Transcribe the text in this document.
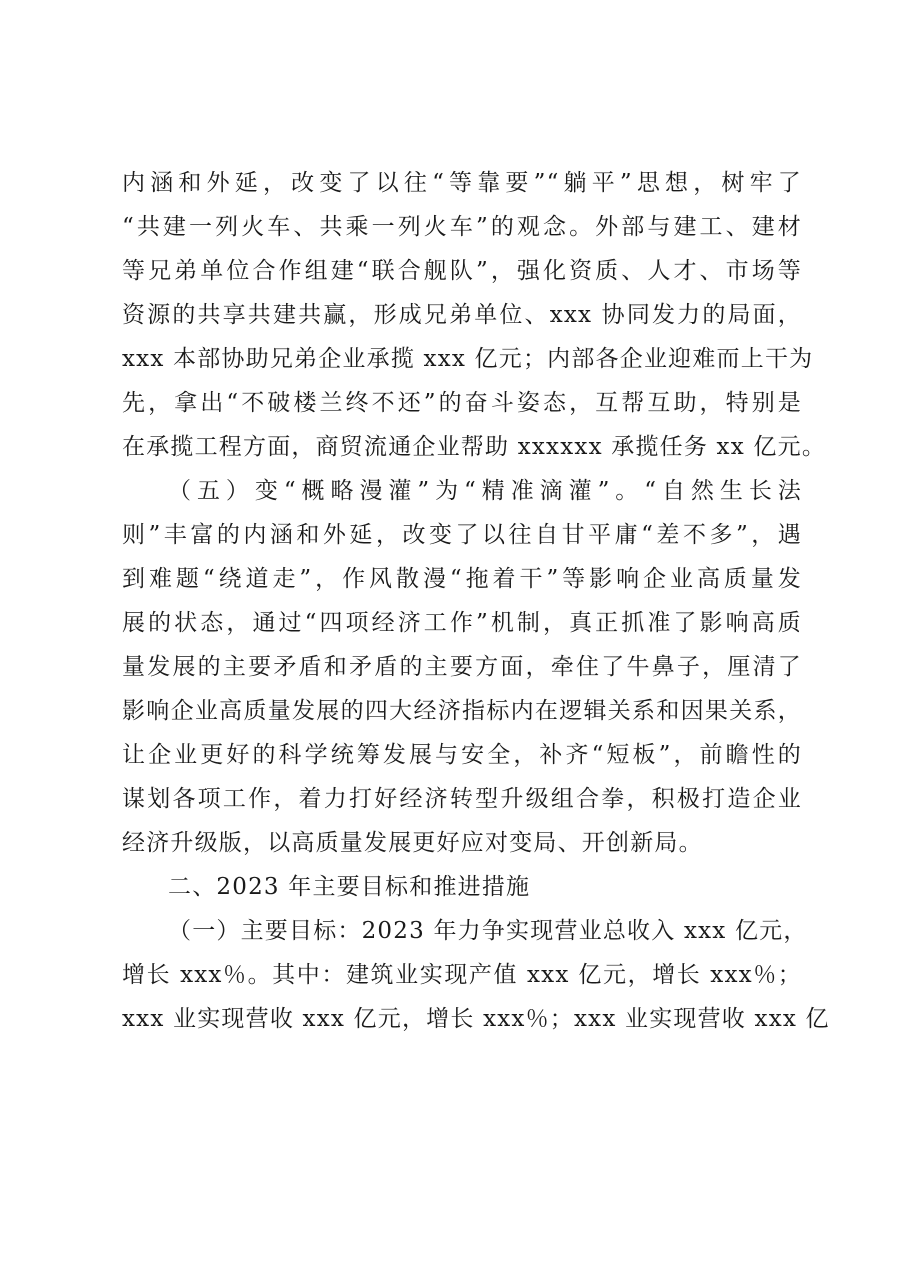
内涵和外延，改变了以往“等靠要”“躺平”思想，树牢了
“共建一列火车、共乘一列火车”的观念。外部与建工、建材
等兄弟单位合作组建“联合舰队”，强化资质、人才、市场等
资源的共享共建共赢，形成兄弟单位、xxx 协同发力的局面，
xxx 本部协助兄弟企业承揽 xxx 亿元；内部各企业迎难而上干为
先，拿出“不破楼兰终不还”的奋斗姿态，互帮互助，特别是
在承揽工程方面，商贸流通企业帮助 xxxxxx 承揽任务 xx 亿元。
（五）变“概略漫灌”为“精准滴灌”。“自然生长法
则”丰富的内涵和外延，改变了以往自甘平庸“差不多”，遇
到难题“绕道走”，作风散漫“拖着干”等影响企业高质量发
展的状态，通过“四项经济工作”机制，真正抓准了影响高质
量发展的主要矛盾和矛盾的主要方面，牵住了牛鼻子，厘清了
影响企业高质量发展的四大经济指标内在逻辑关系和因果关系，
让企业更好的科学统筹发展与安全，补齐“短板”，前瞻性的
谋划各项工作，着力打好经济转型升级组合拳，积极打造企业
经济升级版，以高质量发展更好应对变局、开创新局。
二、2023 年主要目标和推进措施
（一）主要目标：2023 年力争实现营业总收入 xxx 亿元，
增长 xxx％。其中：建筑业实现产值 xxx 亿元，增长 xxx％；
xxx 业实现营收 xxx 亿元，增长 xxx％；xxx 业实现营收 xxx 亿
